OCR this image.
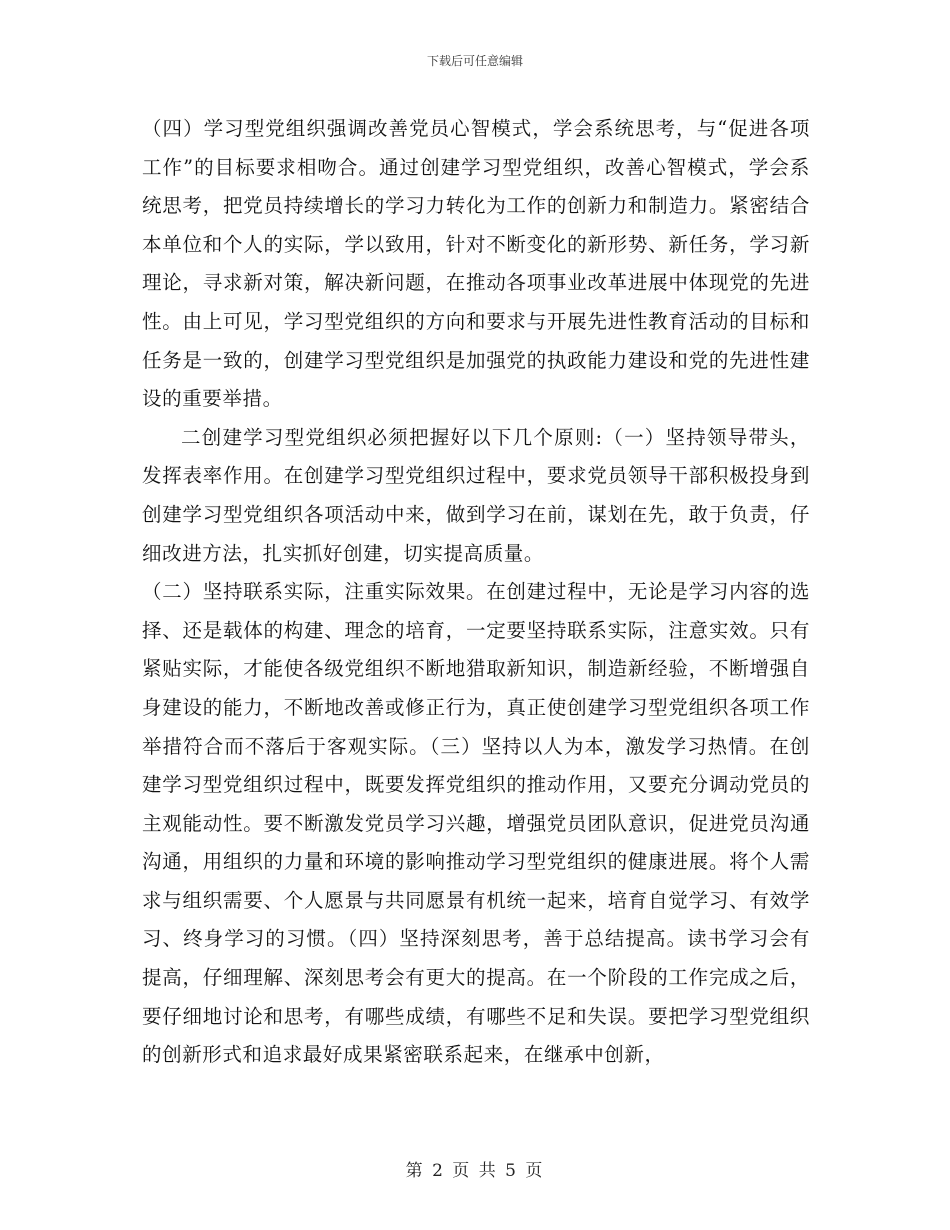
下载后可任意编辑

（四）学习型党组织强调改善党员心智模式，学会系统思考，与“促进各项工作”的目标要求相吻合。通过创建学习型党组织，改善心智模式，学会系统思考，把党员持续增长的学习力转化为工作的创新力和制造力。紧密结合本单位和个人的实际，学以致用，针对不断变化的新形势、新任务，学习新理论，寻求新对策，解决新问题，在推动各项事业改革进展中体现党的先进性。由上可见，学习型党组织的方向和要求与开展先进性教育活动的目标和任务是一致的，创建学习型党组织是加强党的执政能力建设和党的先进性建设的重要举措。

二创建学习型党组织必须把握好以下几个原则:（一）坚持领导带头，发挥表率作用。在创建学习型党组织过程中，要求党员领导干部积极投身到创建学习型党组织各项活动中来，做到学习在前，谋划在先，敢于负责，仔细改进方法，扎实抓好创建，切实提高质量。

（二）坚持联系实际，注重实际效果。在创建过程中，无论是学习内容的选择、还是载体的构建、理念的培育，一定要坚持联系实际，注意实效。只有紧贴实际，才能使各级党组织不断地猎取新知识，制造新经验，不断增强自身建设的能力，不断地改善或修正行为，真正使创建学习型党组织各项工作举措符合而不落后于客观实际。（三）坚持以人为本，激发学习热情。在创建学习型党组织过程中，既要发挥党组织的推动作用，又要充分调动党员的主观能动性。要不断激发党员学习兴趣，增强党员团队意识，促进党员沟通沟通，用组织的力量和环境的影响推动学习型党组织的健康进展。将个人需求与组织需要、个人愿景与共同愿景有机统一起来，培育自觉学习、有效学习、终身学习的习惯。（四）坚持深刻思考，善于总结提高。读书学习会有提高，仔细理解、深刻思考会有更大的提高。在一个阶段的工作完成之后，要仔细地讨论和思考，有哪些成绩，有哪些不足和失误。要把学习型党组织的创新形式和追求最好成果紧密联系起来，在继承中创新，

第 2 页 共 5 页
